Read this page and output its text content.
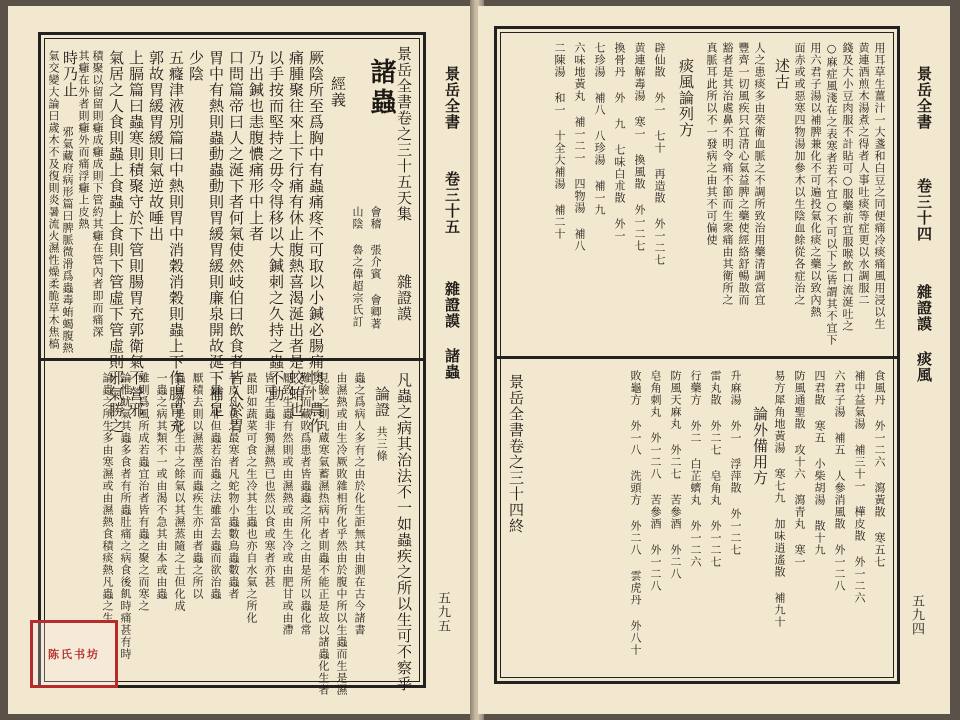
景岳全書
卷三十五
雜證謨 諸蟲
五九五
景岳全書卷之三十五天集
雜證謨
會稽 張介賓 會卿著
山陰 魯之偉超宗氏訂
諸蟲
經義
厥陰所至爲胸中有蟲痛疼不可取以小鍼必腸痛懊忄農作
痛腫聚往來上下行痛有休止腹熱喜渴涎出者是蛟蛕也
以手按而堅持之毋令得移以大鍼刺之久持之蟲不動
乃出鍼也恚腹憹痛形中上者
口問篇帝曰人之涎下者何氣使然岐伯曰飲食者皆入於胃
胃中有熱則蟲動蟲動則胃緩胃緩則廉泉開故涎下補足
少陰
五癃津液別篇曰中熱則胃中消穀消穀則蟲上下作腸胃充
郭故胃緩胃緩則氣逆故唾出
上膈篇曰蟲寒則積聚守於下管則腸胃充郭衛氣不營邪
氣居之人食則蟲上食蟲上食則下管虛下管虛則邪氣勝之
積聚以留留則癰成癰成則下管約其癰在管內者即而痛深
其癰在外者則癰外而痛浮癰上皮熱
時乃止
邪氣藏府病形篇曰脾脈微滑爲蟲毒蛕蝎腹熱
氣交變大論曰歲木不及復則炎暑流火濕性燥柔脆草木焦槁
凡蟲之病其治法不一如蟲疾之所以生可不察乎
論證
共三條
蟲之爲病人多有之由於化生詎無其由測在古今諸書
由濕熱或由生冷厥敗雜相所化乎然由於腹中所以生蟲而生是濕
見驗之則凡蔵寒氣蓄濕热病中者則蟲不能正是故以諸蟲化生者
難存而藏敗爲患者皆蟲蟲之所化之由是所以蟲化常
厭致生蟲有然則或由濕熱或由生冷或由肥甘或由滯
皆可生蟲非獨濕熱已也然以食或寒者亦甚
最即如蔬菜可食之生冷其生蟲也亦自水氣之所化
手皮凡食之最寒者凡蛇物小蟲數鳥蟲數蟲者
一蟲之非但蟲若治蟲之法雖當去蟲而欲治蟲
厭積去則以濕蒸溼而蟲疾生亦由者蟲之所以
蟲留亦是化生中之餘氣以其濕蒸隨之土但化成
一蟲之病其類不一或由渴不急其由本或由蟲
雖則爲風所成若蟲宜治者皆有蟲之聚之而寒之
論惟蚘氣其蟲多食者有所蟲肚痛之病食後飢時痛甚有時
論蟲之所生多由寒濕或由濕熱食積痰熱凡蟲之生
陈氏书坊
景岳全書
卷三十四
雜證謨 痰風
五九四
用耳草生薑汁一大盞和白豆之同便痛冷痰痛風用浸以生
黄連酒煎木湯煮之得者人事吐痰等症更以水調服二
錢及大小豆肉服不計貼可○服藥前宜服喉飲口流涎吐之
○麻症風淺在之表寒者若不宜○不可以下之皆謂其不宜下
用六君子湯以補脾兼化不可遍投氣化痰之藥以致內熱
面赤或或惡寒四物湯加參木以生陰血餘從各症治之
述古
人之患痰多由荣衛血脈之不調所致治用藥清調當宜
豐齊一切風疾只宜清心氣益脾之藥使經絡舒暢散而
豁者是其治處鼻不明令痛不節而生衆痛由其衛所之
真脈耳此所以不一發病之由其不可偏使
痰風論列方
辟仙散 外一 七十 再造散 外一二七
黄連解毒湯 寒一 換風散 外一二七
換骨丹 外 九 七味白朮散 外一
七珍湯 補八 八珍湯 補一九
六味地黃丸 補一二一 四物湯 補八
二陳湯 和一 十全大補湯 補二十
食風丹 外一二六 瀉黃散 寒五七
補中益氣湯 補三十一 樺皮散 外一二六
六君子湯 補五 人參消風散 外一二八
四君散 寒五 小柴胡湯 散十九
防風通聖散 攻十六 瀉青丸 寒一
易方犀角地黃湯 寒七九 加味逍遙散 補九十
論外備用方
升麻湯 外一 浮萍散 外一二七
雷丸散 外二七 皂角丸 外一二七
行藥方 外二 白芷蠐丸 外一二六
防風天麻丸 外二七 苦參酒 外二八
皂角刺丸 外一二八 苦參酒 外一二八
敗龜方 外一八 洗頭方 外二八 雲虎丹 外八十
景岳全書卷之三十四終
